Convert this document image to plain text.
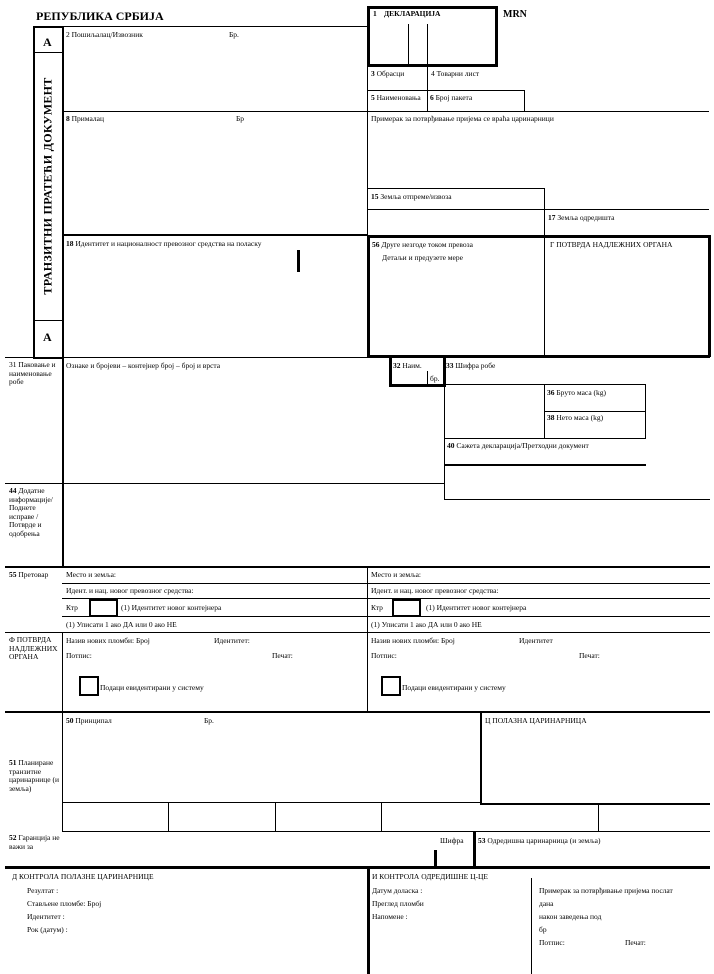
РЕПУБЛИКА СРБИЈА	MRN
A
A
ТРАНЗИТНИ ПРАТЕЋИ ДОКУМЕНТ
1 ДЕКЛАРАЦИЈА
2 Пошиљалац/Извозник	Бр.
3 Обрасци	4 Товарни лист
5 Наименовања 6 Број пакета
8 Прималац	Бр	Примерак за потврђивање пријема се враћа царинарници
15 Земља отпреме/извоза
17 Земља одредишта
18 Идентитет и националност превозног средства на поласку	56 Друге незгоде током превоза
Детаљи и предузете мере
Г ПОТВРДА НАДЛЕЖНИХ ОРГАНА
31 Паковање и наименовање робе
Ознаке и бројеви – контејнер број – број и врста	32 Наим.
бр.
33 Шифра робе
36 Бруто маса (kg)
38 Нето маса (kg)
40 Сажета декларација/Претходни документ
44 Додатне информације/ Поднете исправе / Потврде и одобрења
55 Претовар Место и земља:	Место и земља:
Идент. и нац. новог превозног средства:	Идент. и нац. новог превозног средства:
Ктр	(1) Идентитет новог контејнера	Ктр	(1) Идентитет новог контејнера
(1) Уписати 1 ако ДА или 0 ако НЕ	(1) Уписати 1 ако ДА или 0 ако НЕ
Ф ПОТВРДА НАДЛЕЖНИХ ОРГАНА
Назив нових пломби: Број	Идентитет:	Назив нових пломби: Број	Идентитет
Потпис:	Печат:	Потпис:	Печат:
Подаци евидентирани у систему	Подаци евидентирани у систему
50 Принципал	Бр.	Ц ПОЛАЗНА ЦАРИНАРНИЦА
51 Планиране транзитне царинарнице (и земља)
52 Гаранција не важи за
Шифра 53 Одредишна царинарница (и земља)
Д КОНТРОЛА ПОЛАЗНЕ ЦАРИНАРНИЦЕ
Резултат :
Стављене пломбе: Број
Идентитет :
Рок (датум) :
И КОНТРОЛА ОДРЕДИШНЕ Ц-ЦЕ
Датум доласка :
Преглед пломби
Напомене :
Примерак за потврђивање пријема послат
дана
након заведења под
бр
Потпис:	Печат:
